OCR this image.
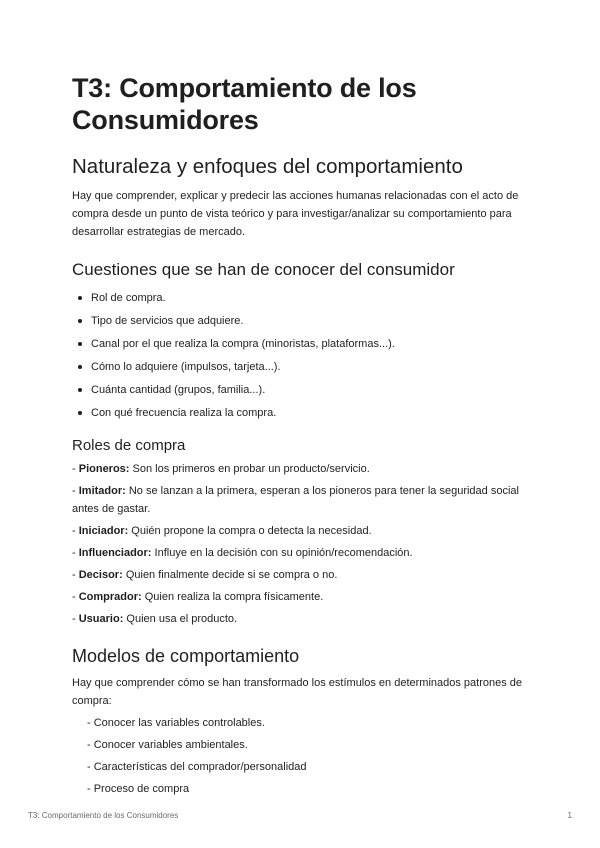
T3: Comportamiento de los Consumidores
Naturaleza y enfoques del comportamiento

Hay que comprender, explicar y predecir las acciones humanas relacionadas con el acto de compra desde un punto de vista teórico y para investigar/analizar su comportamiento para desarrollar estrategias de mercado.

Cuestiones que se han de conocer del consumidor
Rol de compra.
Tipo de servicios que adquiere.
Canal por el que realiza la compra (minoristas, plataformas...).
Cómo lo adquiere (impulsos, tarjeta...).
Cuánta cantidad (grupos, familia...).
Con qué frecuencia realiza la compra.
Roles de compra

- Pioneros: Son los primeros en probar un producto/servicio.

- Imitador: No se lanzan a la primera, esperan a los pioneros para tener la seguridad social antes de gastar.

- Iniciador: Quién propone la compra o detecta la necesidad.

- Influenciador: Influye en la decisión con su opinión/recomendación.

- Decisor: Quien finalmente decide si se compra o no.

- Comprador: Quien realiza la compra físicamente.

- Usuario: Quien usa el producto.

Modelos de comportamiento

Hay que comprender cómo se han transformado los estímulos en determinados patrones de compra:

- Conocer las variables controlables.
- Conocer variables ambientales.
- Características del comprador/personalidad
- Proceso de compra
T3: Comportamiento de los Consumidores	1
